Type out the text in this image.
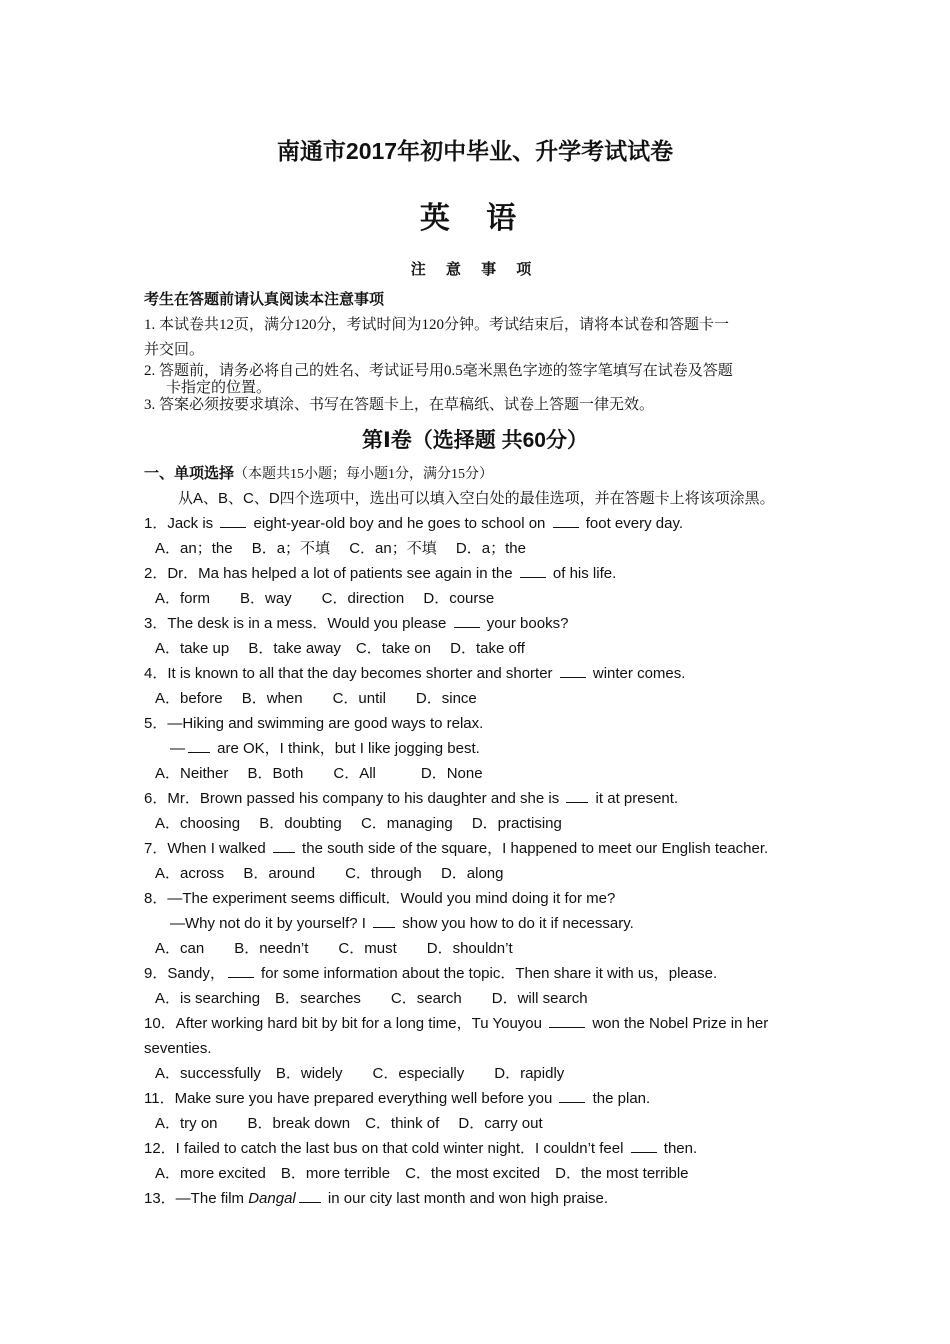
南通市2017年初中毕业、升学考试试卷
英 语
注 意 事 项
考生在答题前请认真阅读本注意事项
1. 本试卷共12页，满分120分，考试时间为120分钟。考试结束后，请将本试卷和答题卡一
并交回。
2. 答题前，请务必将自己的姓名、考试证号用0.5毫米黑色字迹的签字笔填写在试卷及答题
卡指定的位置。
3. 答案必须按要求填涂、书写在答题卡上，在草稿纸、试卷上答题一律无效。
第Ⅰ卷（选择题 共60分）
一、单项选择（本题共15小题；每小题1分，满分15分）
从A、B、C、D四个选项中，选出可以填入空白处的最佳选项，并在答题卡上将该项涂黑。
1．Jack is  eight-year-old boy and he goes to school on  foot every day.
A．an；the　 B．a；不填　 C．an；不填　 D．a；the
2．Dr．Ma has helped a lot of patients see again in the  of his life.
A．form　　B．way　　C．direction　 D．course
3．The desk is in a mess．Would you please  your books?
A．take up　 B．take away　C．take on　 D．take off
4．It is known to all that the day becomes shorter and shorter  winter comes.
A．before　 B．when　　C．until　　D．since
5．—Hiking and swimming are good ways to relax.
— are OK，I think，but I like jogging best.
A．Neither　 B．Both　　C．All　　　D．None
6．Mr．Brown passed his company to his daughter and she is  it at present.
A．choosing　 B．doubting　 C．managing　 D．practising
7．When I walked  the south side of the square，I happened to meet our English teacher.
A．across　 B．around　　C．through　 D．along
8．—The experiment seems difficult．Would you mind doing it for me?
—Why not do it by yourself? I  show you how to do it if necessary.
A．can　　B．needn’t　　C．must　　D．shouldn’t
9．Sandy， for some information about the topic．Then share it with us，please.
A．is searching　B．searches　　C．search　　D．will search
10．After working hard bit by bit for a long time，Tu Youyou	won the Nobel Prize in her
seventies.
A．successfully　B．widely　　C．especially　　D．rapidly
11．Make sure you have prepared everything well before you  the plan.
A．try on　　B．break down　C．think of　 D．carry out
12．I failed to catch the last bus on that cold winter night．I couldn’t feel  then.
A．more excited　B．more terrible　C．the most excited　D．the most terrible
13．—The film Dangal in our city last month and won high praise.
